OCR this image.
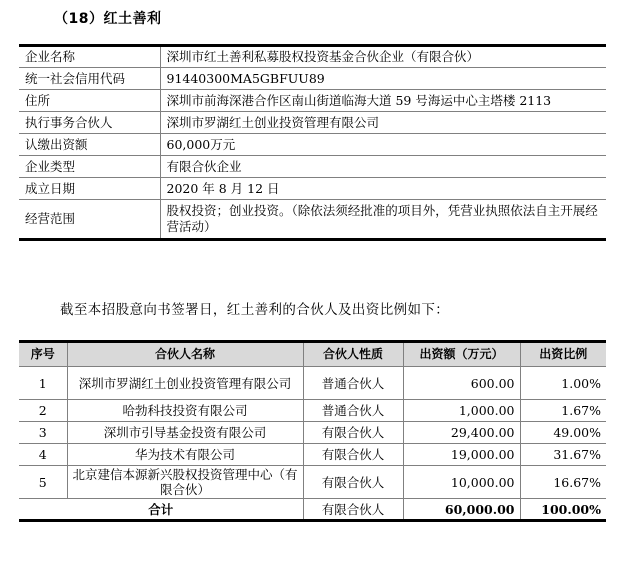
（18）红土善利
企业名称	深圳市红土善利私募股权投资基金合伙企业（有限合伙）
统一社会信用代码	91440300MA5GBFUU89
住所	深圳市前海深港合作区南山街道临海大道 59 号海运中心主塔楼 2113
执行事务合伙人	深圳市罗湖红土创业投资管理有限公司
认缴出资额	60,000万元
企业类型	有限合伙企业
成立日期	2020 年 8 月 12 日
经营范围	股权投资；创业投资。（除依法须经批准的项目外，凭营业执照依法自主开展经营活动）
截至本招股意向书签署日，红土善利的合伙人及出资比例如下：
序号	合伙人名称	合伙人性质	出资额（万元）	出资比例
1	深圳市罗湖红土创业投资管理有限公司	普通合伙人	600.00	1.00%
2	哈勃科技投资有限公司	普通合伙人	1,000.00	1.67%
3	深圳市引导基金投资有限公司	有限合伙人	29,400.00	49.00%
4	华为技术有限公司	有限合伙人	19,000.00	31.67%
5	北京建信本源新兴股权投资管理中心（有限合伙）	有限合伙人	10,000.00	16.67%
合计		有限合伙人	60,000.00	100.00%
